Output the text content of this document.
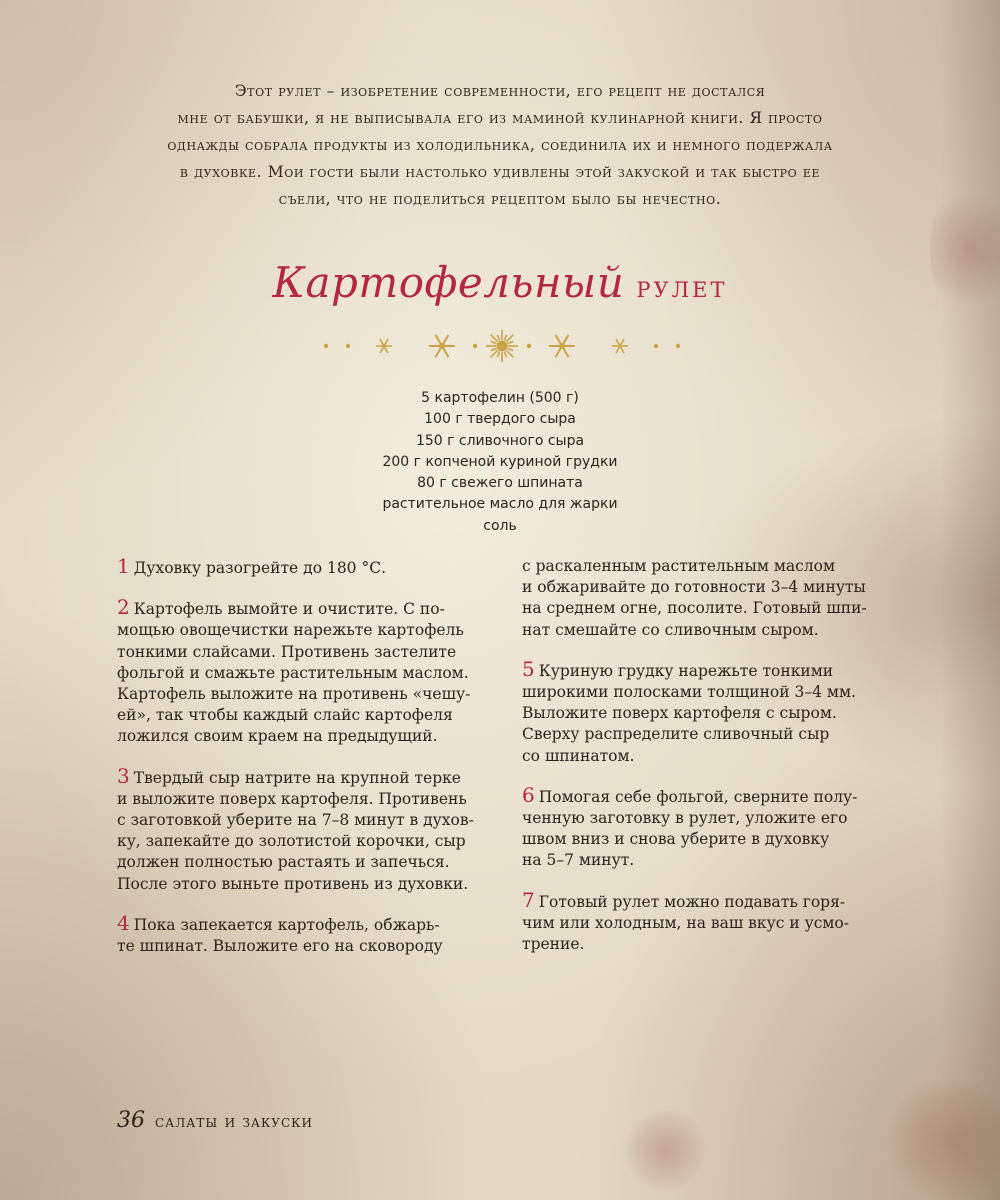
Этот рулет – изобретение современности, его рецепт не достался
мне от бабушки, я не выписывала его из маминой кулинарной книги. Я просто
однажды собрала продукты из холодильника, соединила их и немного подержала
в духовке. Мои гости были настолько удивлены этой закуской и так быстро ее
съели, что не поделиться рецептом было бы нечестно.
Картофельный рулет
5 картофелин (500 г)
100 г твердого сыра
150 г сливочного сыра
200 г копченой куриной грудки
80 г свежего шпината
растительное масло для жарки
соль
1 Духовку разогрейте до 180 °С.
2 Картофель вымойте и очистите. С по-
мощью овощечистки нарежьте картофель
тонкими слайсами. Противень застелите
фольгой и смажьте растительным маслом.
Картофель выложите на противень «чешу-
ей», так чтобы каждый слайс картофеля
ложился своим краем на предыдущий.
3 Твердый сыр натрите на крупной терке
и выложите поверх картофеля. Противень
с заготовкой уберите на 7–8 минут в духов-
ку, запекайте до золотистой корочки, сыр
должен полностью растаять и запечься.
После этого выньте противень из духовки.
4 Пока запекается картофель, обжарь-
те шпинат. Выложите его на сковороду
с раскаленным растительным маслом
и обжаривайте до готовности 3–4 минуты
на среднем огне, посолите. Готовый шпи-
нат смешайте со сливочным сыром.
5 Куриную грудку нарежьте тонкими
широкими полосками толщиной 3–4 мм.
Выложите поверх картофеля с сыром.
Сверху распределите сливочный сыр
со шпинатом.
6 Помогая себе фольгой, сверните полу-
ченную заготовку в рулет, уложите его
швом вниз и снова уберите в духовку
на 5–7 минут.
7 Готовый рулет можно подавать горя-
чим или холодным, на ваш вкус и усмо-
трение.
36 салаты и закуски
